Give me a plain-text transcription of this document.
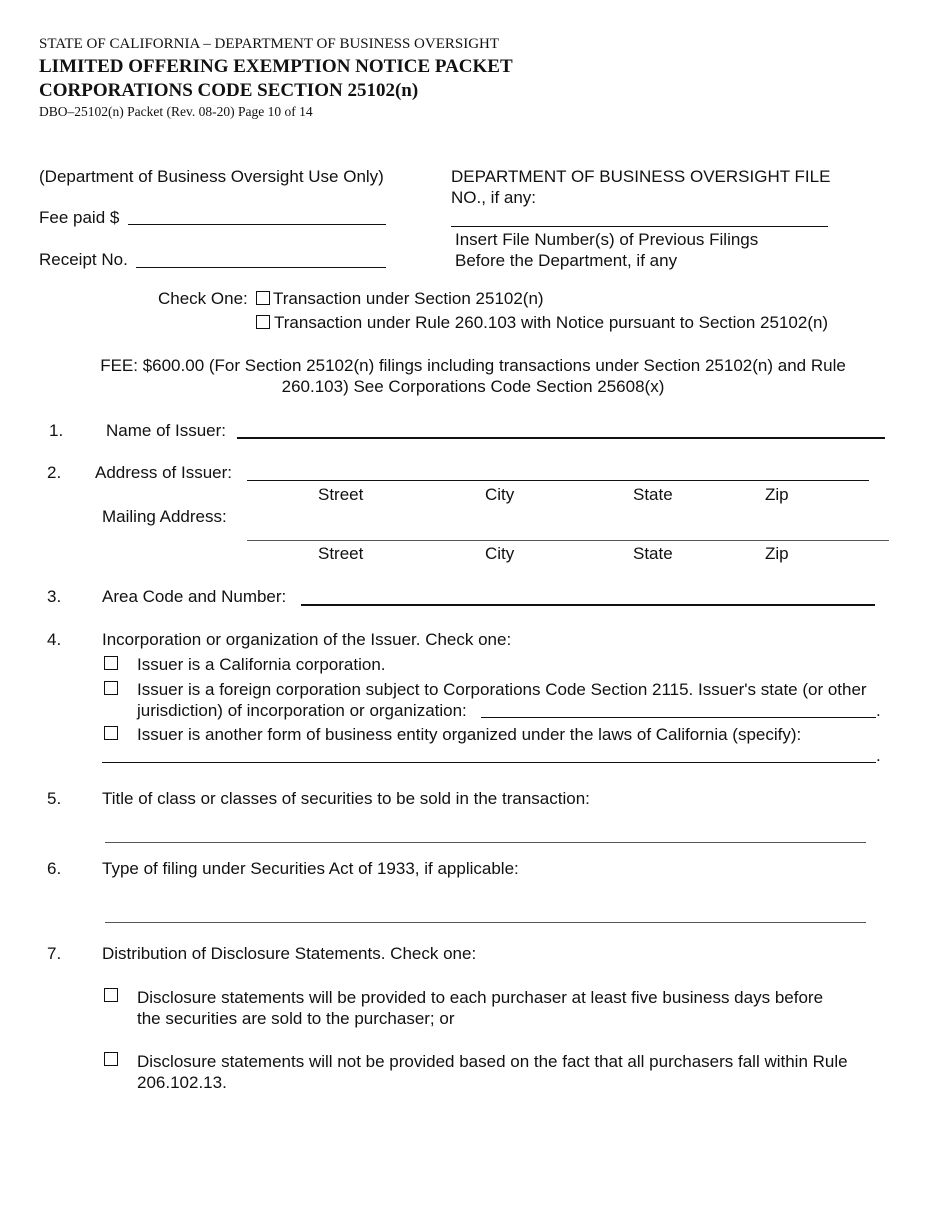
STATE OF CALIFORNIA – DEPARTMENT OF BUSINESS OVERSIGHT
LIMITED OFFERING EXEMPTION NOTICE PACKET
CORPORATIONS CODE SECTION 25102(n)
DBO–25102(n) Packet (Rev. 08-20) Page 10 of 14
(Department of Business Oversight Use Only)
Fee paid $
Receipt No.
DEPARTMENT OF BUSINESS OVERSIGHT FILE
NO., if any:
Insert File Number(s) of Previous Filings
Before the Department, if any
Check One: Transaction under Section 25102(n)
Transaction under Rule 260.103 with Notice pursuant to Section 25102(n)
FEE: $600.00 (For Section 25102(n) filings including transactions under Section 25102(n) and Rule
260.103) See Corporations Code Section 25608(x)
1.	Name of Issuer:
2. Address of Issuer:
Street	City	State	Zip
Mailing Address:
Street	City	State	Zip
3. Area Code and Number:
4. Incorporation or organization of the Issuer. Check one:
Issuer is a California corporation.
Issuer is a foreign corporation subject to Corporations Code Section 2115. Issuer's state (or other
jurisdiction) of incorporation or organization:	.
Issuer is another form of business entity organized under the laws of California (specify):
.
5. Title of class or classes of securities to be sold in the transaction:
6. Type of filing under Securities Act of 1933, if applicable:
7. Distribution of Disclosure Statements. Check one:
Disclosure statements will be provided to each purchaser at least five business days before
the securities are sold to the purchaser; or
Disclosure statements will not be provided based on the fact that all purchasers fall within Rule
206.102.13.
